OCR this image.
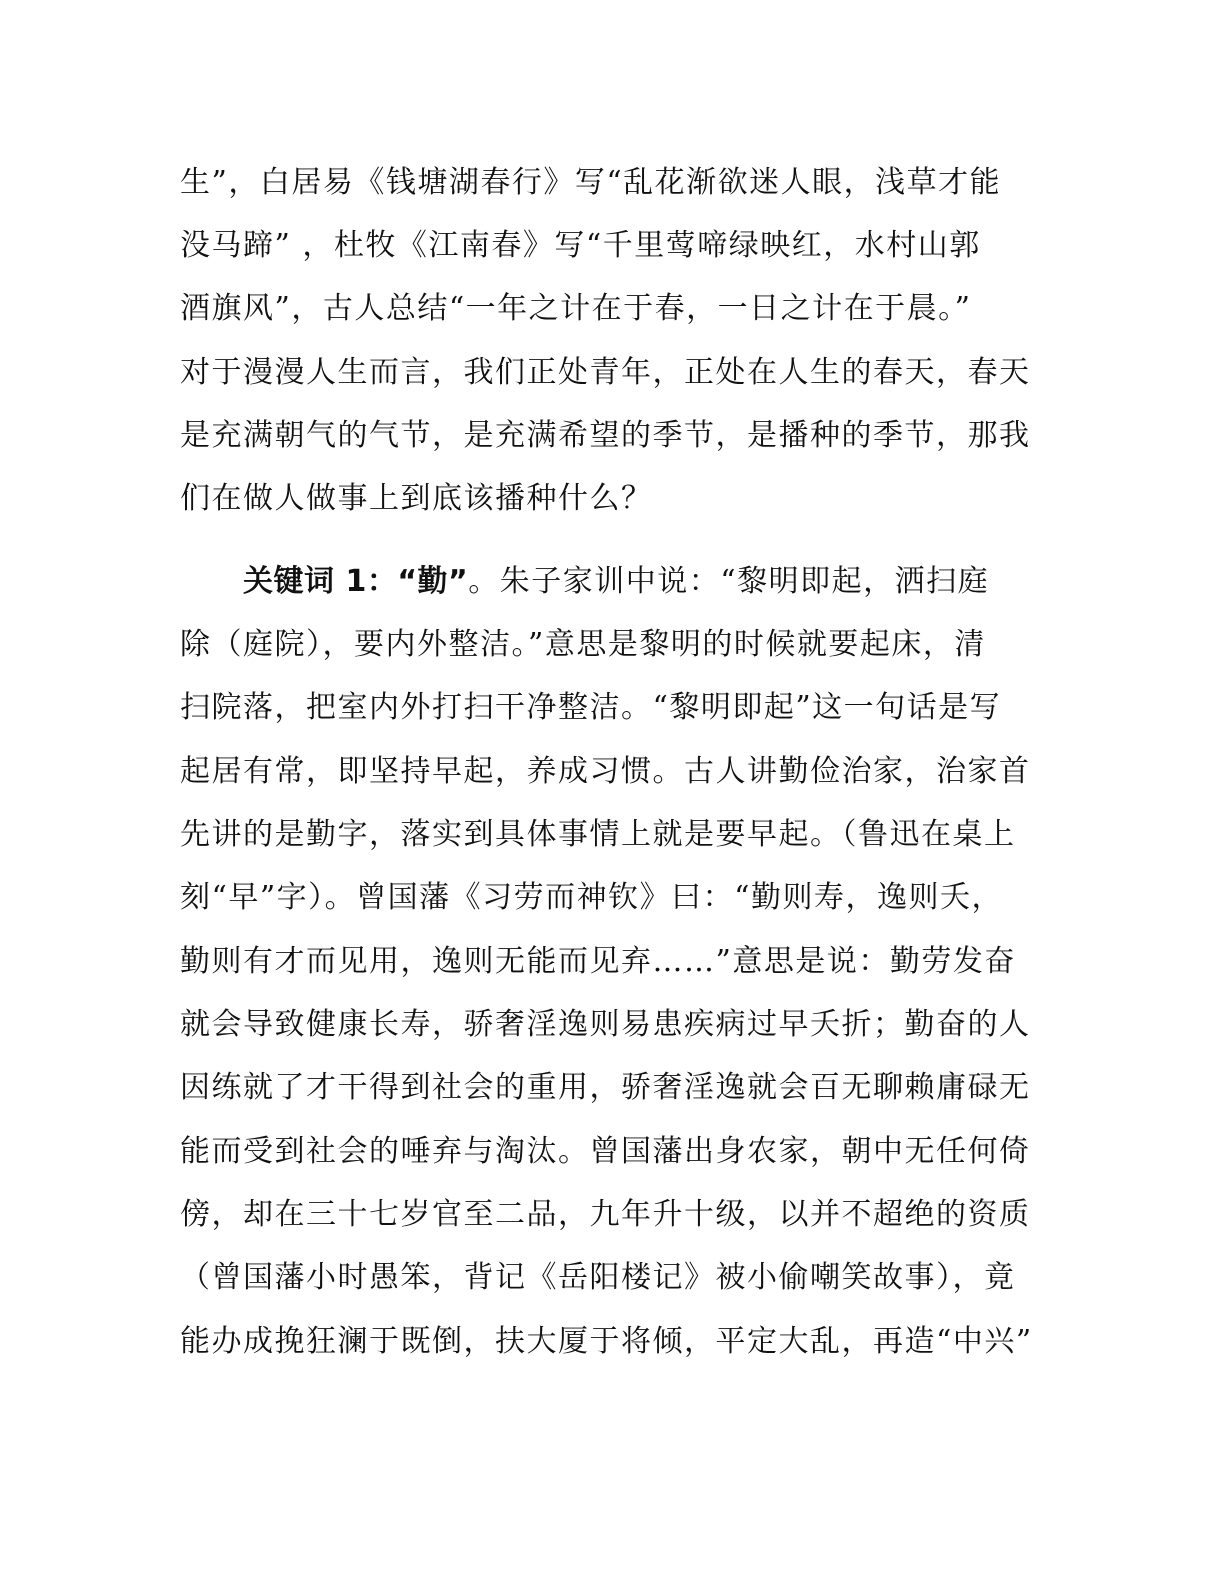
生”，白居易《钱塘湖春行》写“乱花渐欲迷人眼，浅草才能
没马蹄” ，杜牧《江南春》写“千里莺啼绿映红，水村山郭
酒旗风”，古人总结“一年之计在于春，一日之计在于晨。”
对于漫漫人生而言，我们正处青年，正处在人生的春天，春天
是充满朝气的气节，是充满希望的季节，是播种的季节，那我
们在做人做事上到底该播种什么？
关键词 1：“勤”。朱子家训中说：“黎明即起，洒扫庭
除（庭院），要内外整洁。”意思是黎明的时候就要起床，清
扫院落，把室内外打扫干净整洁。“黎明即起”这一句话是写
起居有常，即坚持早起，养成习惯。古人讲勤俭治家，治家首
先讲的是勤字，落实到具体事情上就是要早起。（鲁迅在桌上
刻“早”字）。曾国藩《习劳而神钦》曰：“勤则寿，逸则夭，
勤则有才而见用，逸则无能而见弃……”意思是说：勤劳发奋
就会导致健康长寿，骄奢淫逸则易患疾病过早夭折；勤奋的人
因练就了才干得到社会的重用，骄奢淫逸就会百无聊赖庸碌无
能而受到社会的唾弃与淘汰。曾国藩出身农家，朝中无任何倚
傍，却在三十七岁官至二品，九年升十级，以并不超绝的资质
（曾国藩小时愚笨，背记《岳阳楼记》被小偷嘲笑故事），竟
能办成挽狂澜于既倒，扶大厦于将倾，平定大乱，再造“中兴”
